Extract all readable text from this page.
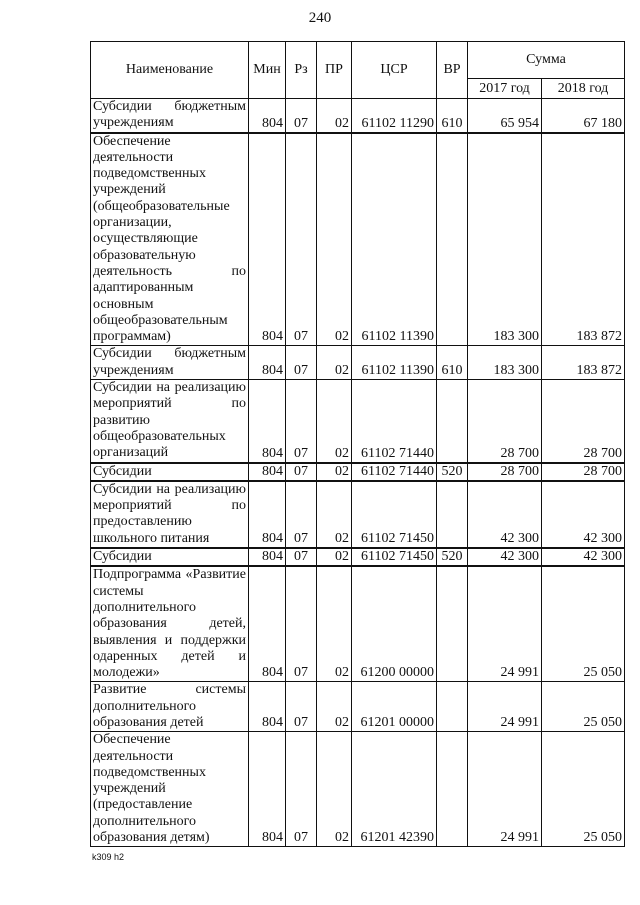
240
Наименование	Мин	Рз	ПР	ЦСР	ВР	Сумма	
						2017 год	2018 год
Субсидии бюджетным учреждениям	804	07	02	61102 11290	610	65 954	67 180
Обеспечение деятельности подведомственных учреждений (общеобразовательные организации, осуществляющие образовательную деятельность по адаптированным основным общеобразовательным программам)	804	07	02	61102 11390		183 300	183 872
Субсидии бюджетным учреждениям	804	07	02	61102 11390	610	183 300	183 872
Субсидии на реализацию мероприятий по развитию общеобразовательных организаций	804	07	02	61102 71440		28 700	28 700
Субсидии	804	07	02	61102 71440	520	28 700	28 700
Субсидии на реализацию мероприятий по предоставлению школьного питания	804	07	02	61102 71450		42 300	42 300
Субсидии	804	07	02	61102 71450	520	42 300	42 300
Подпрограмма «Развитие системы дополнительного образования детей, выявления и поддержки одаренных детей и молодежи»	804	07	02	61200 00000		24 991	25 050
Развитие системы дополнительного образования детей	804	07	02	61201 00000		24 991	25 050
Обеспечение деятельности подведомственных учреждений (предоставление дополнительного образования детям)	804	07	02	61201 42390		24 991	25 050
k309 h2
